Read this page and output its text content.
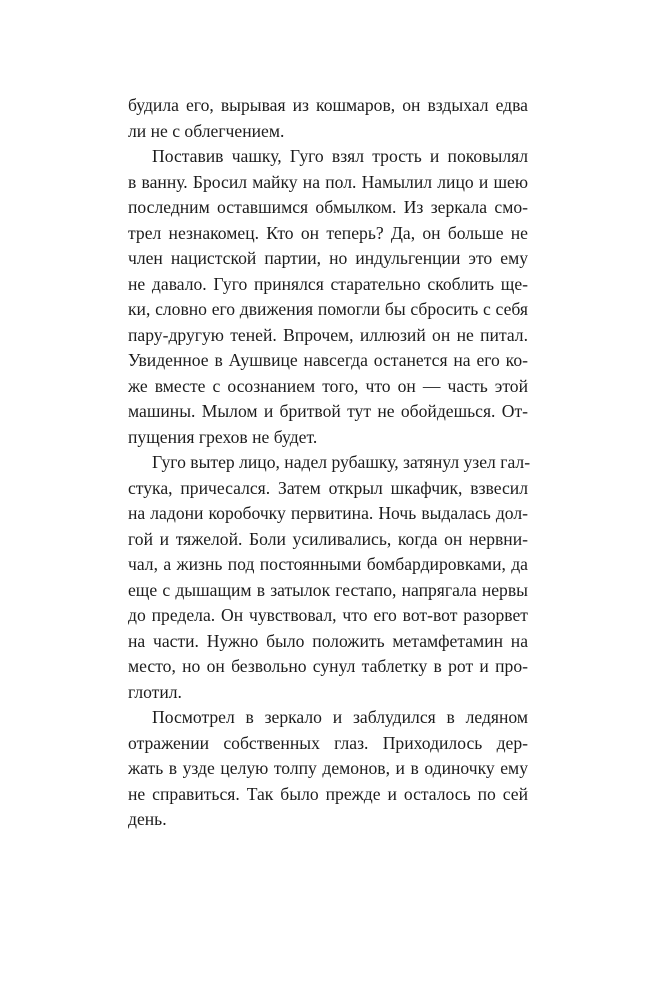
будила его, вырывая из кошмаров, он вздыхал едва
ли не с облегчением.
Поставив чашку, Гуго взял трость и поковылял
в ванну. Бросил майку на пол. Намылил лицо и шею
последним оставшимся обмылком. Из зеркала смо-
трел незнакомец. Кто он теперь? Да, он больше не
член нацистской партии, но индульгенции это ему
не давало. Гуго принялся старательно скоблить ще-
ки, словно его движения помогли бы сбросить с себя
пару-другую теней. Впрочем, иллюзий он не питал.
Увиденное в Аушвице навсегда останется на его ко-
же вместе с осознанием того, что он — часть этой
машины. Мылом и бритвой тут не обойдешься. От-
пущения грехов не будет.
Гуго вытер лицо, надел рубашку, затянул узел гал-
стука, причесался. Затем открыл шкафчик, взвесил
на ладони коробочку первитина. Ночь выдалась дол-
гой и тяжелой. Боли усиливались, когда он нервни-
чал, а жизнь под постоянными бомбардировками, да
еще с дышащим в затылок гестапо, напрягала нервы
до предела. Он чувствовал, что его вот-вот разорвет
на части. Нужно было положить метамфетамин на
место, но он безвольно сунул таблетку в рот и про-
глотил.
Посмотрел в зеркало и заблудился в ледяном
отражении собственных глаз. Приходилось дер-
жать в узде целую толпу демонов, и в одиночку ему
не справиться. Так было прежде и осталось по сей
день.
